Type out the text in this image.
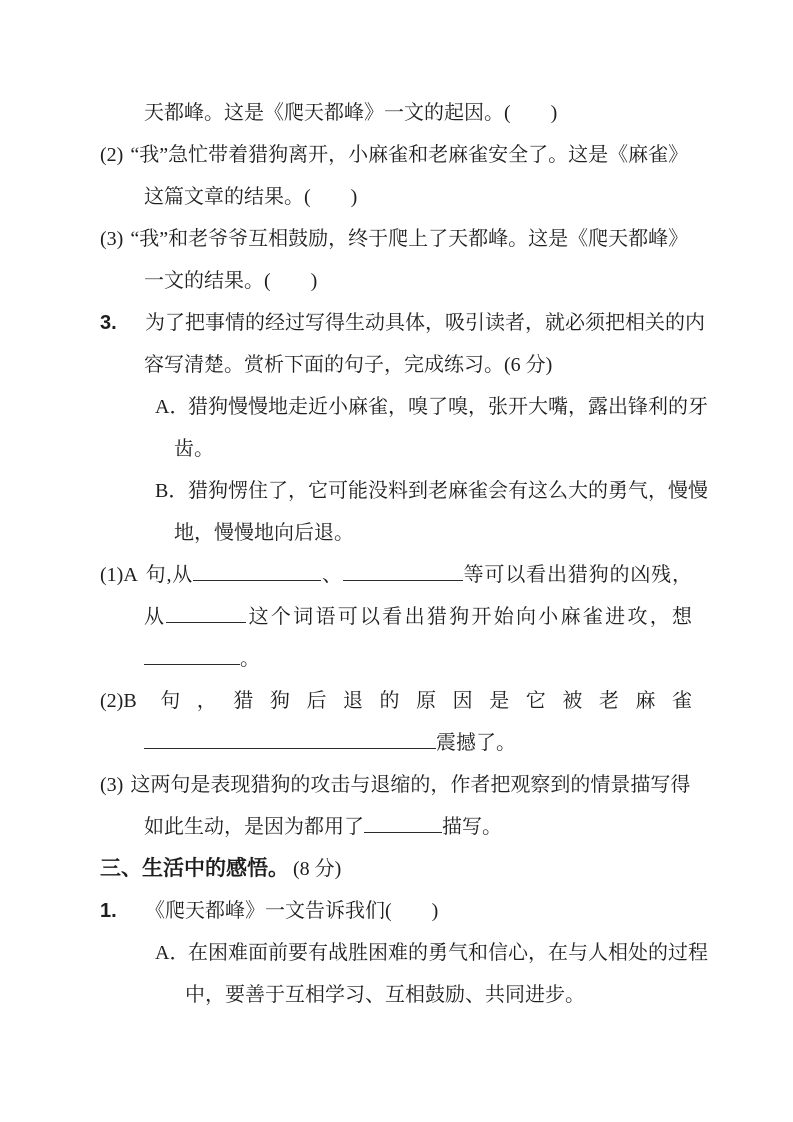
天都峰。这是《爬天都峰》一文的起因。(　　)
(2) “我”急忙带着猎狗离开，小麻雀和老麻雀安全了。这是《麻雀》
这篇文章的结果。(　　)
(3) “我”和老爷爷互相鼓励，终于爬上了天都峰。这是《爬天都峰》
一文的结果。(　　)
3. 为了把事情的经过写得生动具体，吸引读者，就必须把相关的内
容写清楚。赏析下面的句子，完成练习。(6 分)
A．猎狗慢慢地走近小麻雀，嗅了嗅，张开大嘴，露出锋利的牙
齿。
B．猎狗愣住了，它可能没料到老麻雀会有这么大的勇气，慢慢
地，慢慢地向后退。
(1)A 句,从	、	等可以看出猎狗的凶残，
从	这个词语可以看出猎狗开始向小麻雀进攻，想
。
(2)B 句，猎狗后退的原因是它被老麻雀
震撼了。
(3) 这两句是表现猎狗的攻击与退缩的，作者把观察到的情景描写得
如此生动，是因为都用了	描写。
三、生活中的感悟。 (8 分)
1. 《爬天都峰》一文告诉我们(　　)
A．在困难面前要有战胜困难的勇气和信心，在与人相处的过程
中，要善于互相学习、互相鼓励、共同进步。
